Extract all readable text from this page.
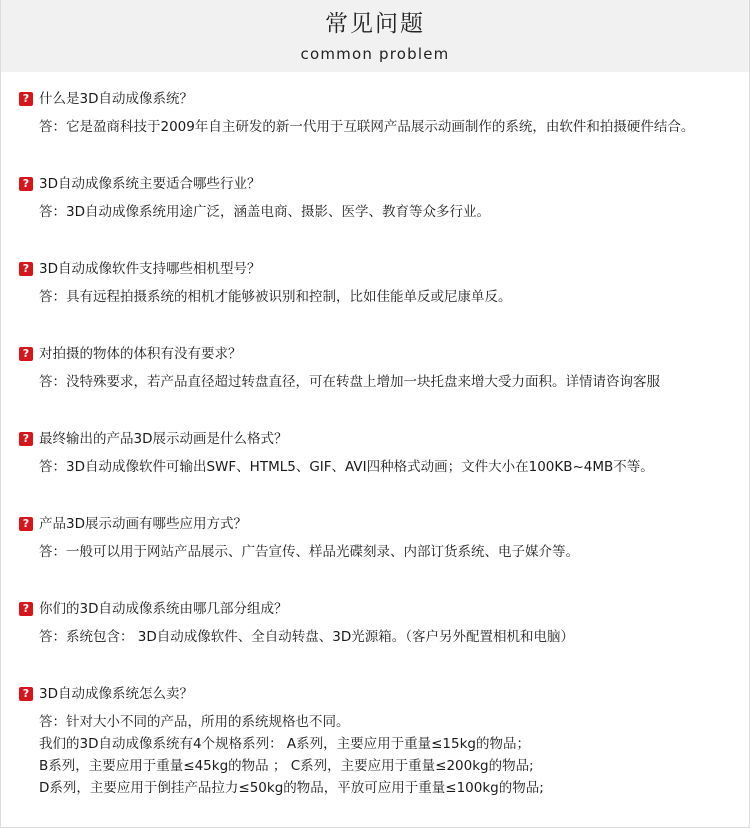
常见问题
common problem
? 什么是3D自动成像系统？
答：它是盈商科技于2009年自主研发的新一代用于互联网产品展示动画制作的系统，由软件和拍摄硬件结合。
? 3D自动成像系统主要适合哪些行业？
答：3D自动成像系统用途广泛，涵盖电商、摄影、医学、教育等众多行业。
? 3D自动成像软件支持哪些相机型号？
答：具有远程拍摄系统的相机才能够被识别和控制，比如佳能单反或尼康单反。
? 对拍摄的物体的体积有没有要求？
答：没特殊要求，若产品直径超过转盘直径，可在转盘上增加一块托盘来增大受力面积。详情请咨询客服
? 最终输出的产品3D展示动画是什么格式？
答：3D自动成像软件可输出SWF、HTML5、GIF、AVI四种格式动画；文件大小在100KB~4MB不等。
? 产品3D展示动画有哪些应用方式？
答：一般可以用于网站产品展示、广告宣传、样品光碟刻录、内部订货系统、电子媒介等。
? 你们的3D自动成像系统由哪几部分组成？
答：系统包含： 3D自动成像软件、全自动转盘、3D光源箱。（客户另外配置相机和电脑）
? 3D自动成像系统怎么卖？
答：针对大小不同的产品，所用的系统规格也不同。
我们的3D自动成像系统有4个规格系列： A系列，主要应用于重量≤15kg的物品；
B系列，主要应用于重量≤45kg的物品 ； C系列，主要应用于重量≤200kg的物品;
D系列，主要应用于倒挂产品拉力≤50kg的物品，平放可应用于重量≤100kg的物品;
